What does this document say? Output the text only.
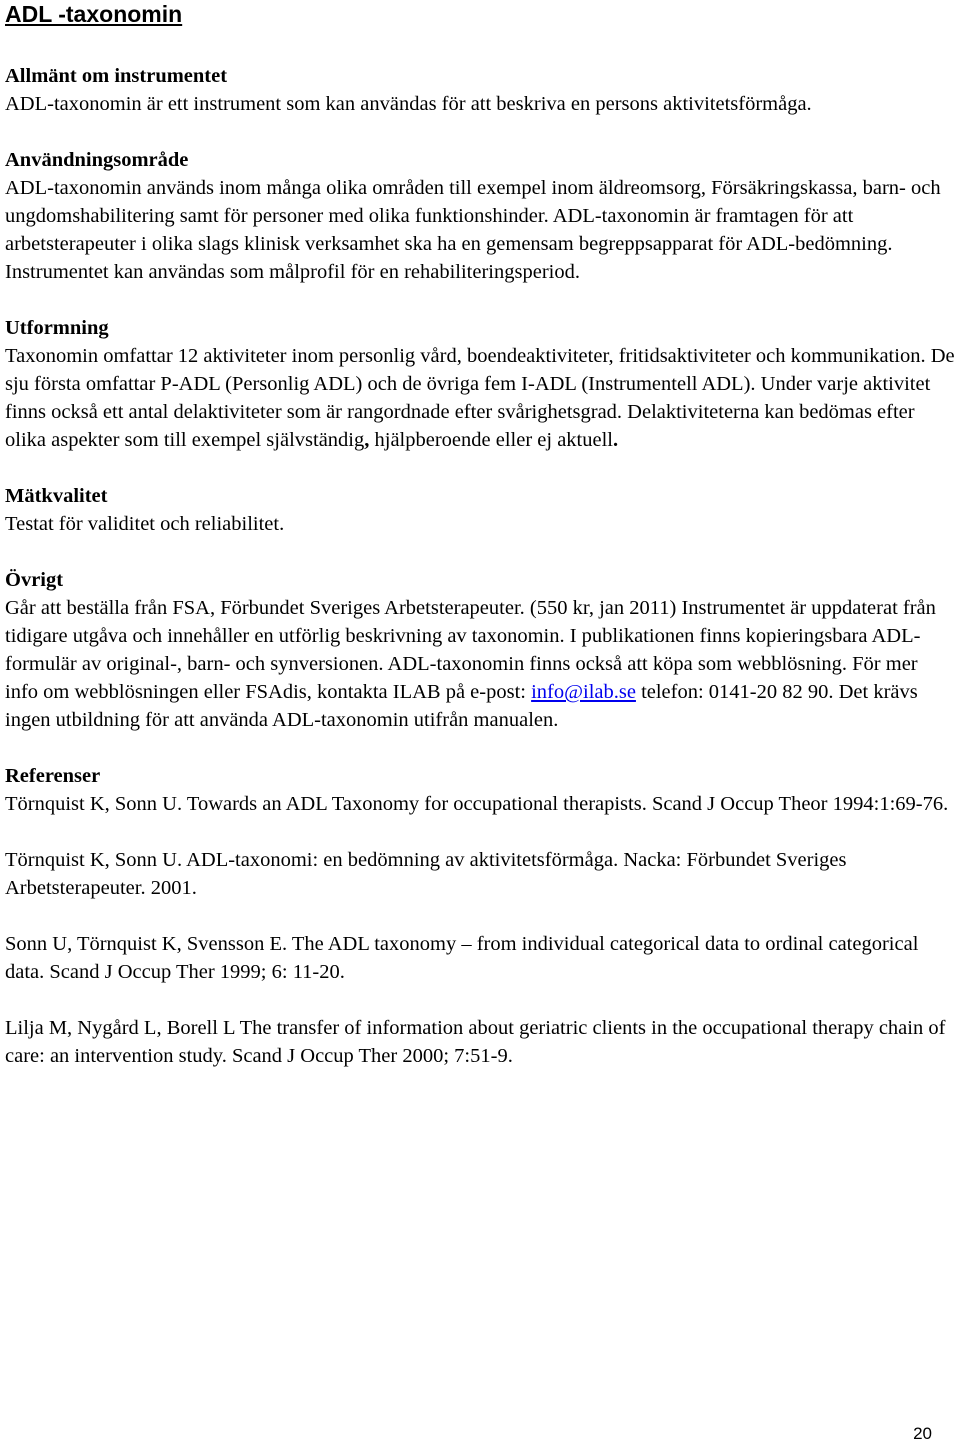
ADL -taxonomin
Allmänt om instrumentet

ADL-taxonomin är ett instrument som kan användas för att beskriva en persons aktivitetsförmåga.

Användningsområde

ADL-taxonomin används inom många olika områden till exempel inom äldreomsorg, Försäkringskassa, barn- och ungdomshabilitering samt för personer med olika funktionshinder. ADL-taxonomin är framtagen för att arbetsterapeuter i olika slags klinisk verksamhet ska ha en gemensam begreppsapparat för ADL-bedömning. Instrumentet kan användas som målprofil för en rehabiliteringsperiod.

Utformning

Taxonomin omfattar 12 aktiviteter inom personlig vård, boendeaktiviteter, fritidsaktiviteter och kommunikation. De sju första omfattar P-ADL (Personlig ADL) och de övriga fem I-ADL (Instrumentell ADL). Under varje aktivitet finns också ett antal delaktiviteter som är rangordnade efter svårighetsgrad. Delaktiviteterna kan bedömas efter olika aspekter som till exempel självständig, hjälpberoende eller ej aktuell.

Mätkvalitet

Testat för validitet och reliabilitet.

Övrigt

Går att beställa från FSA, Förbundet Sveriges Arbetsterapeuter. (550 kr, jan 2011) Instrumentet är uppdaterat från tidigare utgåva och innehåller en utförlig beskrivning av taxonomin. I publikationen finns kopieringsbara ADL-formulär av original-, barn- och synversionen. ADL-taxonomin finns också att köpa som webblösning. För mer info om webblösningen eller FSAdis, kontakta ILAB på e-post: info@ilab.se telefon: 0141-20 82 90. Det krävs ingen utbildning för att använda ADL-taxonomin utifrån manualen.

Referenser

Törnquist K, Sonn U. Towards an ADL Taxonomy for occupational therapists. Scand J Occup Theor 1994:1:69-76.

Törnquist K, Sonn U. ADL-taxonomi: en bedömning av aktivitetsförmåga. Nacka: Förbundet Sveriges Arbetsterapeuter. 2001.

Sonn U, Törnquist K, Svensson E. The ADL taxonomy – from individual categorical data to ordinal categorical data. Scand J Occup Ther 1999; 6: 11-20.

Lilja M, Nygård L, Borell L The transfer of information about geriatric clients in the occupational therapy chain of care: an intervention study. Scand J Occup Ther 2000; 7:51-9.

20
